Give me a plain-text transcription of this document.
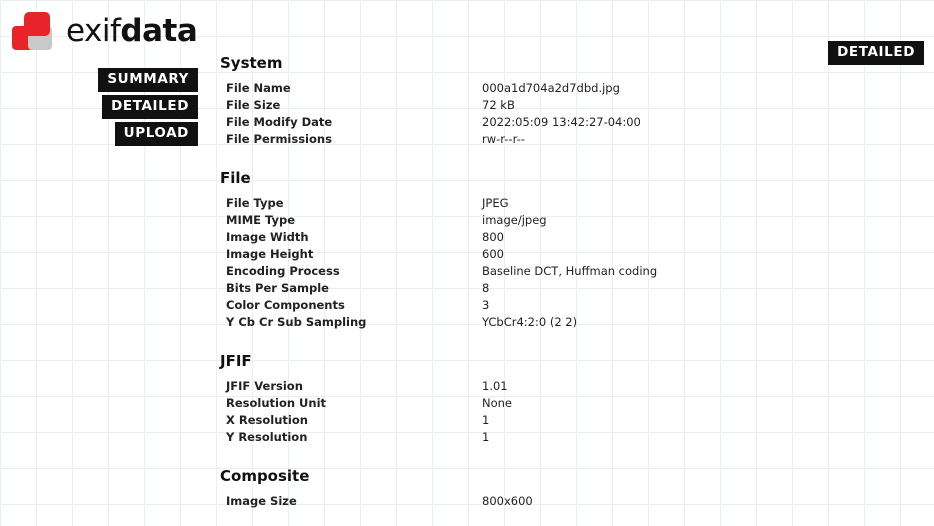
exifdata
SUMMARY
DETAILED
UPLOAD
DETAILED
System
File Name	000a1d704a2d7dbd.jpg
File Size	72 kB
File Modify Date	2022:05:09 13:42:27-04:00
File Permissions	rw-r--r--
File
File Type	JPEG
MIME Type	image/jpeg
Image Width	800
Image Height	600
Encoding Process	Baseline DCT, Huffman coding
Bits Per Sample	8
Color Components	3
Y Cb Cr Sub Sampling	YCbCr4:2:0 (2 2)
JFIF
JFIF Version	1.01
Resolution Unit	None
X Resolution	1
Y Resolution	1
Composite
Image Size	800x600
